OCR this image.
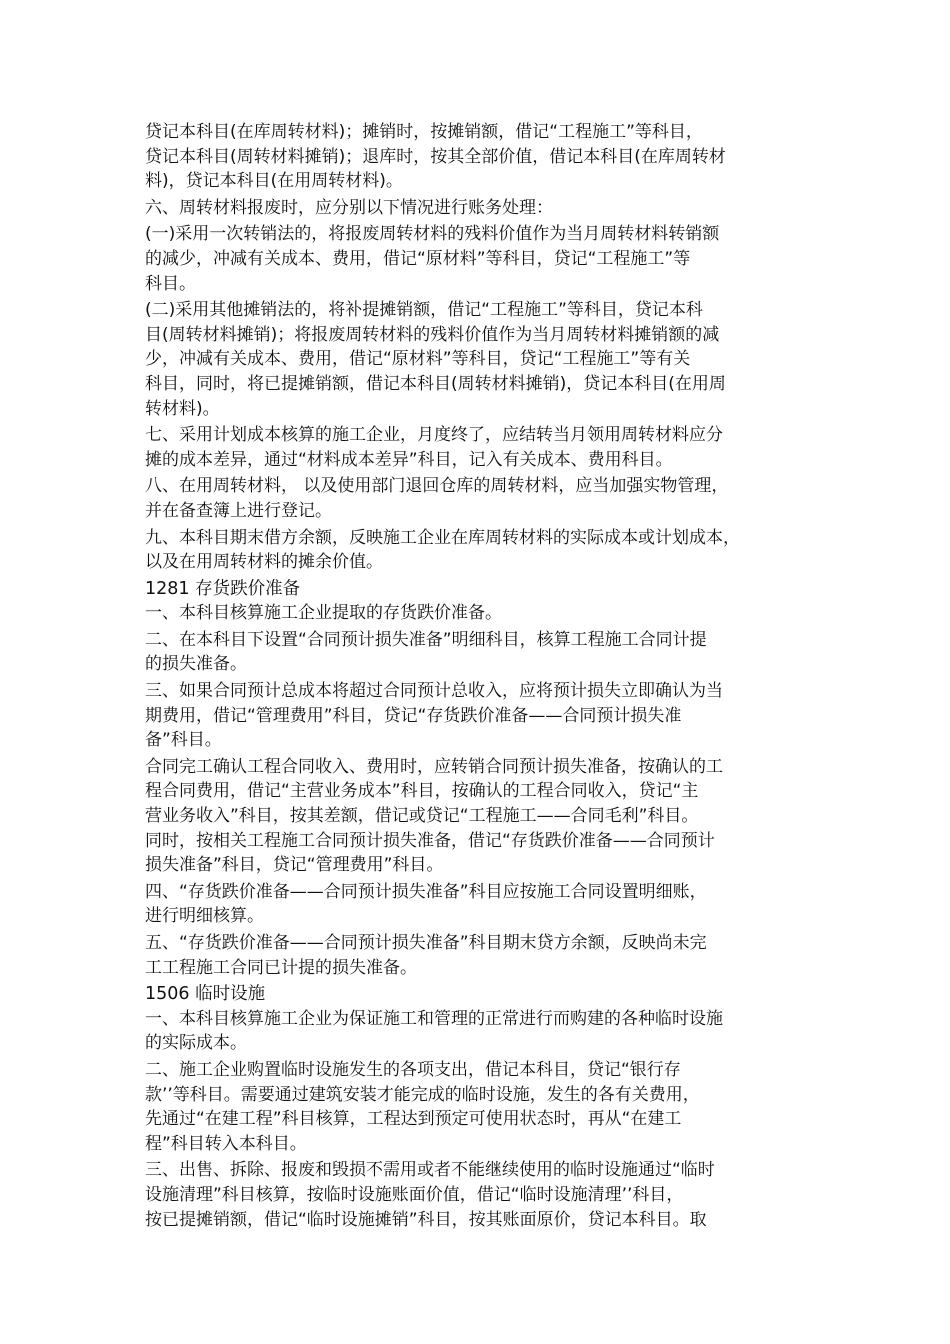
贷记本科目(在库周转材料)；摊销时，按摊销额，借记“工程施工”等科目，

贷记本科目(周转材料摊销)；退库时，按其全部价值，借记本科目(在库周转材

料)，贷记本科目(在用周转材料)。

六、周转材料报废时，应分别以下情况进行账务处理：

(一)采用一次转销法的，将报废周转材料的残料价值作为当月周转材料转销额

的减少，冲减有关成本、费用，借记“原材料”等科目，贷记“工程施工”等

科目。

(二)采用其他摊销法的，将补提摊销额，借记“工程施工”等科目，贷记本科

目(周转材料摊销)；将报废周转材料的残料价值作为当月周转材料摊销额的减

少，冲减有关成本、费用，借记“原材料”等科目，贷记“工程施工”等有关

科目，同时，将已提摊销额，借记本科目(周转材料摊销)，贷记本科目(在用周

转材料)。

七、采用计划成本核算的施工企业，月度终了，应结转当月领用周转材料应分

摊的成本差异，通过“材料成本差异”科目，记入有关成本、费用科目。

八、在用周转材料， 以及使用部门退回仓库的周转材料，应当加强实物管理，

并在备查簿上进行登记。

九、本科目期末借方余额，反映施工企业在库周转材料的实际成本或计划成本，

以及在用周转材料的摊余价值。

1281 存货跌价准备

一、本科目核算施工企业提取的存货跌价准备。

二、在本科目下设置“合同预计损失准备”明细科目，核算工程施工合同计提

的损失准备。

三、如果合同预计总成本将超过合同预计总收入，应将预计损失立即确认为当

期费用，借记“管理费用”科目，贷记“存货跌价准备——合同预计损失准

备”科目。

合同完工确认工程合同收入、费用时，应转销合同预计损失准备，按确认的工

程合同费用，借记“主营业务成本”科目，按确认的工程合同收入，贷记“主

营业务收入”科目，按其差额，借记或贷记“工程施工——合同毛利”科目。

同时，按相关工程施工合同预计损失准备，借记“存货跌价准备——合同预计

损失准备”科目，贷记“管理费用”科目。

四、“存货跌价准备——合同预计损失准备”科目应按施工合同设置明细账，

进行明细核算。

五、“存货跌价准备——合同预计损失准备”科目期末贷方余额，反映尚未完

工工程施工合同已计提的损失准备。

1506 临时设施

一、本科目核算施工企业为保证施工和管理的正常进行而购建的各种临时设施

的实际成本。

二、施工企业购置临时设施发生的各项支出，借记本科目，贷记“银行存

款’’等科目。需要通过建筑安装才能完成的临时设施，发生的各有关费用，

先通过“在建工程”科目核算，工程达到预定可使用状态时，再从“在建工

程”科目转入本科目。

三、出售、拆除、报废和毁损不需用或者不能继续使用的临时设施通过“临时

设施清理”科目核算，按临时设施账面价值，借记“临时设施清理’’科目，

按已提摊销额，借记“临时设施摊销”科目，按其账面原价，贷记本科目。取
